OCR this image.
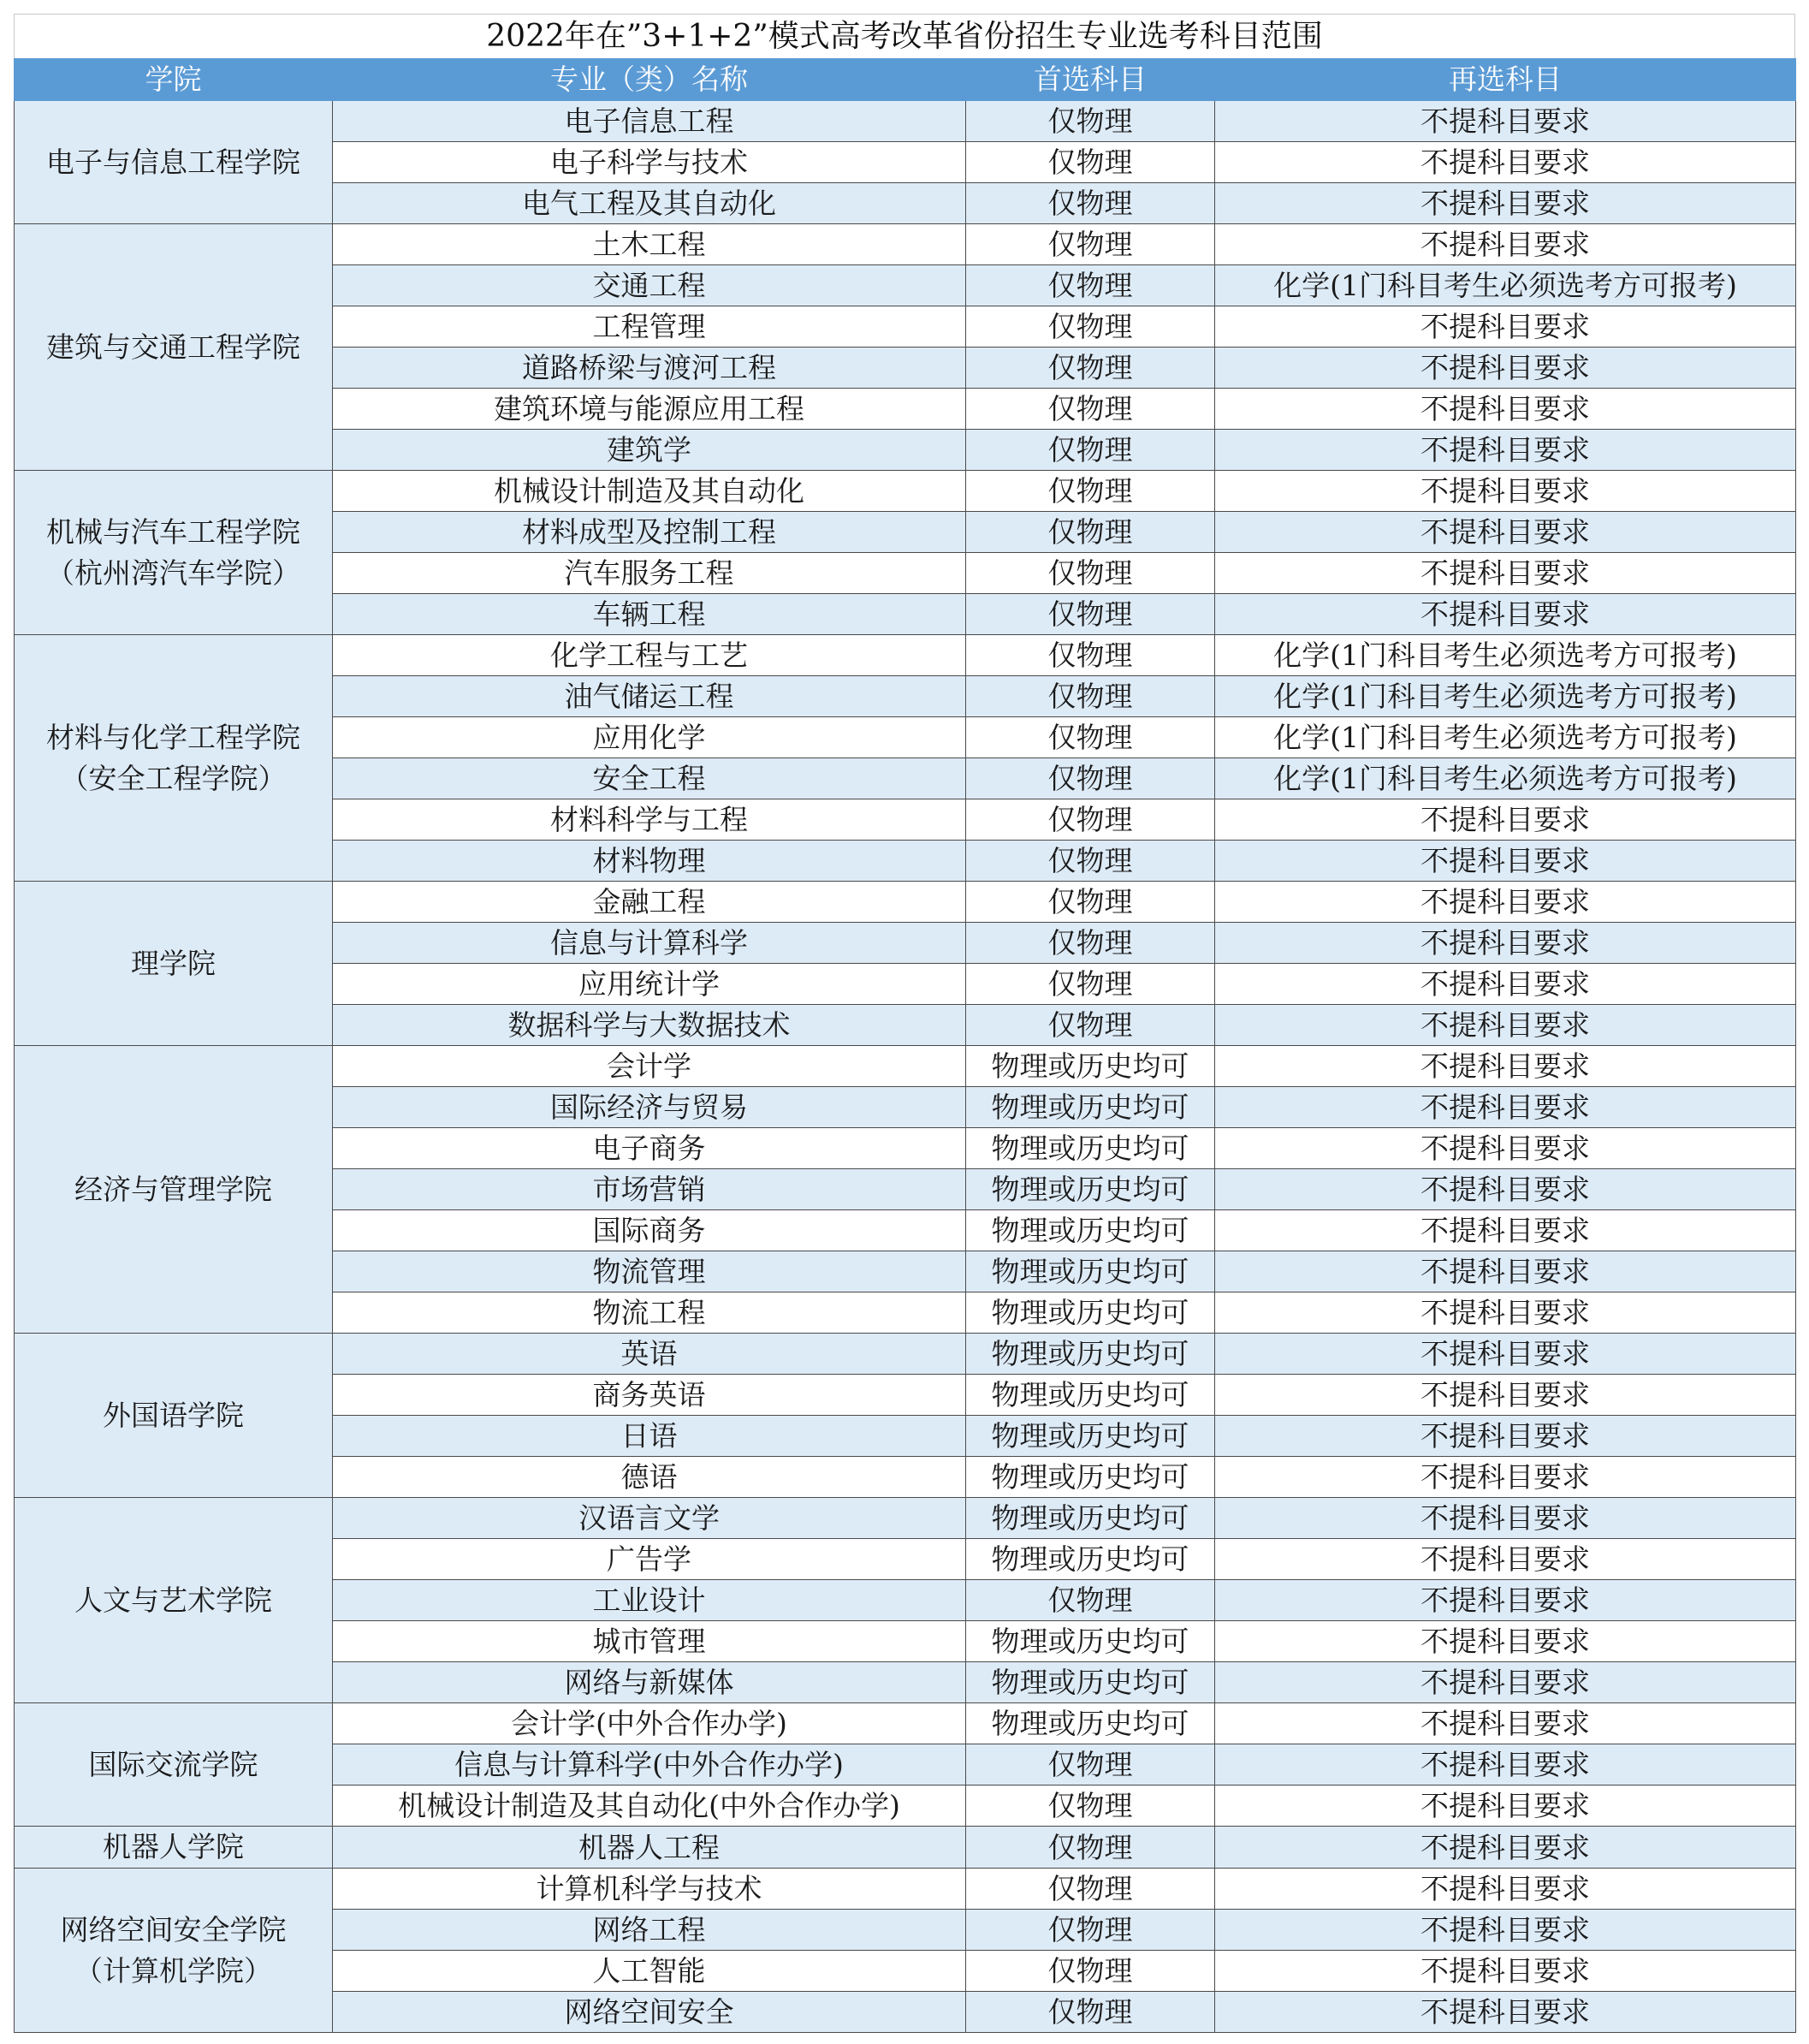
2022年在”3+1+2”模式高考改革省份招生专业选考科目范围
学院	专业（类）名称	首选科目	再选科目

电子与信息工程学院	电子信息工程	仅物理	不提科目要求
	电子科学与技术	仅物理	不提科目要求
	电气工程及其自动化	仅物理	不提科目要求

建筑与交通工程学院	土木工程	仅物理	不提科目要求
	交通工程	仅物理	化学(1门科目考生必须选考方可报考)
	工程管理	仅物理	不提科目要求
	道路桥梁与渡河工程	仅物理	不提科目要求
	建筑环境与能源应用工程	仅物理	不提科目要求
	建筑学	仅物理	不提科目要求

机械与汽车工程学院
（杭州湾汽车学院）	机械设计制造及其自动化	仅物理	不提科目要求
	材料成型及控制工程	仅物理	不提科目要求
	汽车服务工程	仅物理	不提科目要求
	车辆工程	仅物理	不提科目要求

材料与化学工程学院
（安全工程学院）	化学工程与工艺	仅物理	化学(1门科目考生必须选考方可报考)
	油气储运工程	仅物理	化学(1门科目考生必须选考方可报考)
	应用化学	仅物理	化学(1门科目考生必须选考方可报考)
	安全工程	仅物理	化学(1门科目考生必须选考方可报考)
	材料科学与工程	仅物理	不提科目要求
	材料物理	仅物理	不提科目要求

理学院	金融工程	仅物理	不提科目要求
	信息与计算科学	仅物理	不提科目要求
	应用统计学	仅物理	不提科目要求
	数据科学与大数据技术	仅物理	不提科目要求

经济与管理学院	会计学	物理或历史均可	不提科目要求
	国际经济与贸易	物理或历史均可	不提科目要求
	电子商务	物理或历史均可	不提科目要求
	市场营销	物理或历史均可	不提科目要求
	国际商务	物理或历史均可	不提科目要求
	物流管理	物理或历史均可	不提科目要求
	物流工程	物理或历史均可	不提科目要求

外国语学院	英语	物理或历史均可	不提科目要求
	商务英语	物理或历史均可	不提科目要求
	日语	物理或历史均可	不提科目要求
	德语	物理或历史均可	不提科目要求

人文与艺术学院	汉语言文学	物理或历史均可	不提科目要求
	广告学	物理或历史均可	不提科目要求
	工业设计	仅物理	不提科目要求
	城市管理	物理或历史均可	不提科目要求
	网络与新媒体	物理或历史均可	不提科目要求

国际交流学院	会计学(中外合作办学)	物理或历史均可	不提科目要求
	信息与计算科学(中外合作办学)	仅物理	不提科目要求
	机械设计制造及其自动化(中外合作办学)	仅物理	不提科目要求

机器人学院	机器人工程	仅物理	不提科目要求

网络空间安全学院
（计算机学院）	计算机科学与技术	仅物理	不提科目要求
	网络工程	仅物理	不提科目要求
	人工智能	仅物理	不提科目要求
	网络空间安全	仅物理	不提科目要求
